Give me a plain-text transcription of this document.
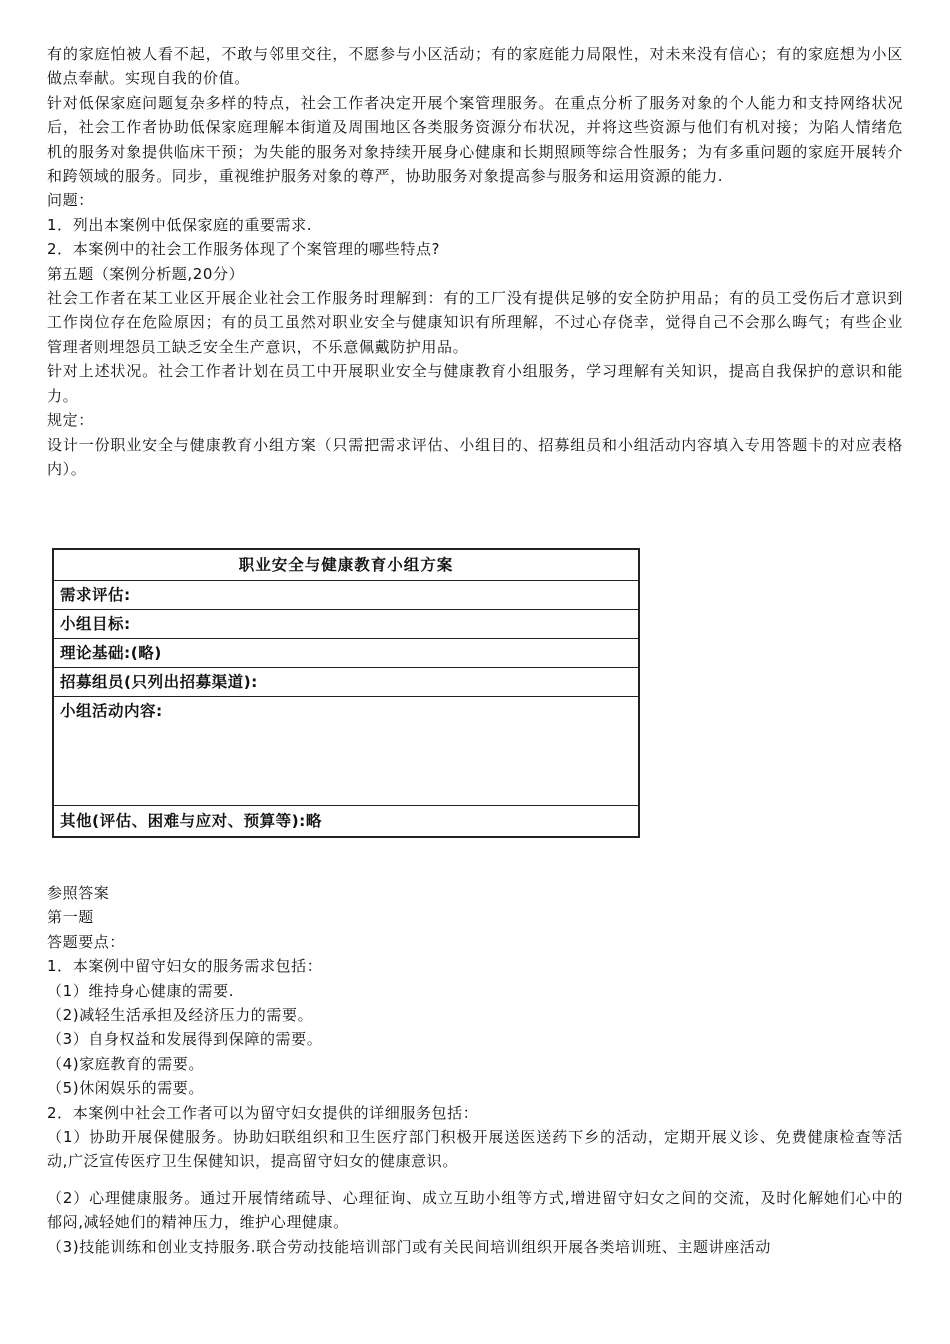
有的家庭怕被人看不起，不敢与邻里交往，不愿参与小区活动；有的家庭能力局限性，对未来没有信心；有的家庭想为小区做点奉献。实现自我的价值。

针对低保家庭问题复杂多样的特点，社会工作者决定开展个案管理服务。在重点分析了服务对象的个人能力和支持网络状况后，社会工作者协助低保家庭理解本街道及周围地区各类服务资源分布状况，并将这些资源与他们有机对接；为陷人情绪危机的服务对象提供临床干预；为失能的服务对象持续开展身心健康和长期照顾等综合性服务；为有多重问题的家庭开展转介和跨领域的服务。同步，重视维护服务对象的尊严，协助服务对象提高参与服务和运用资源的能力.

问题：

1．列出本案例中低保家庭的重要需求.

2．本案例中的社会工作服务体现了个案管理的哪些特点?

第五题（案例分析题,20分）

社会工作者在某工业区开展企业社会工作服务时理解到：有的工厂没有提供足够的安全防护用品；有的员工受伤后才意识到工作岗位存在危险原因；有的员工虽然对职业安全与健康知识有所理解，不过心存侥幸，觉得自己不会那么晦气；有些企业管理者则埋怨员工缺乏安全生产意识，不乐意佩戴防护用品。

针对上述状况。社会工作者计划在员工中开展职业安全与健康教育小组服务，学习理解有关知识，提高自我保护的意识和能力。

规定：

设计一份职业安全与健康教育小组方案（只需把需求评估、小组目的、招募组员和小组活动内容填入专用答题卡的对应表格内）。

职业安全与健康教育小组方案
需求评估:
小组目标:
理论基础:(略)
招募组员(只列出招募渠道):
小组活动内容:
其他(评估、困难与应对、预算等):略

参照答案

第一题

答题要点：

1．本案例中留守妇女的服务需求包括：

（1）维持身心健康的需要.

（2)减轻生活承担及经济压力的需要。

（3）自身权益和发展得到保障的需要。

（4)家庭教育的需要。

（5)休闲娱乐的需要。

2．本案例中社会工作者可以为留守妇女提供的详细服务包括：

（1）协助开展保健服务。协助妇联组织和卫生医疗部门积极开展送医送药下乡的活动，定期开展义诊、免费健康检查等活动,广泛宣传医疗卫生保健知识，提高留守妇女的健康意识。

（2）心理健康服务。通过开展情绪疏导、心理征询、成立互助小组等方式,增进留守妇女之间的交流，及时化解她们心中的郁闷,减轻她们的精神压力，维护心理健康。

（3)技能训练和创业支持服务.联合劳动技能培训部门或有关民间培训组织开展各类培训班、主题讲座活动
